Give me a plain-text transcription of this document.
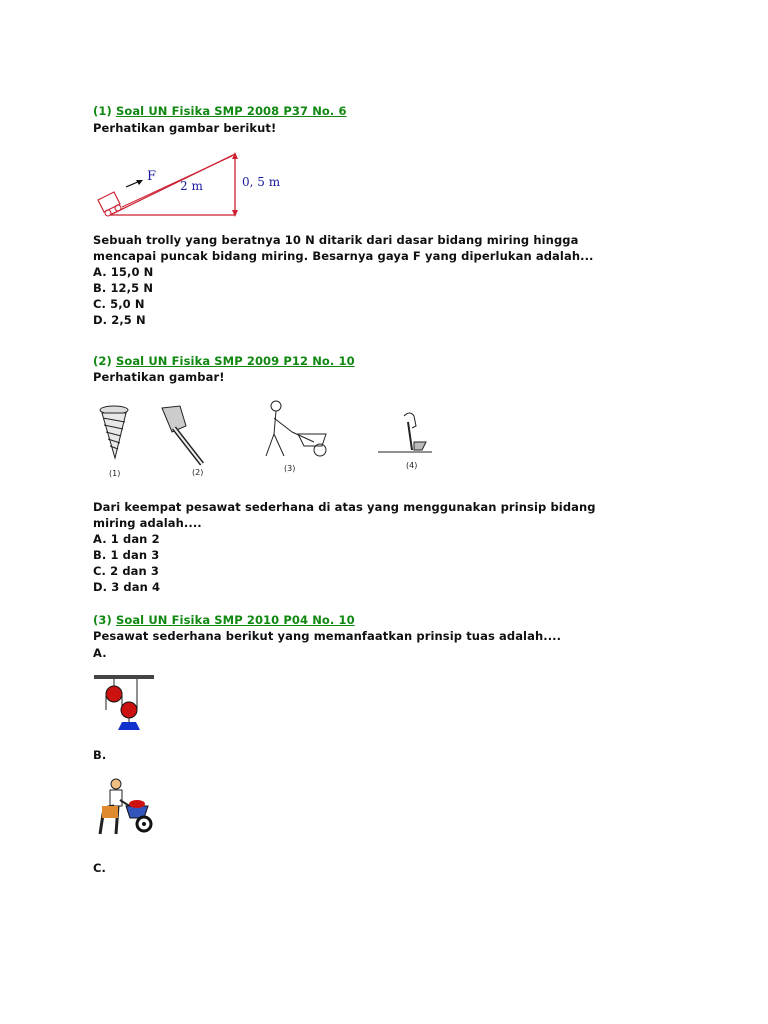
(1) Soal UN Fisika SMP 2008 P37 No. 6
Perhatikan gambar berikut!
F
2 m	0, 5 m
Sebuah trolly yang beratnya 10 N ditarik dari dasar bidang miring hingga
mencapai puncak bidang miring. Besarnya gaya F yang diperlukan adalah...
A. 15,0 N
B. 12,5 N
C. 5,0 N
D. 2,5 N
(2) Soal UN Fisika SMP 2009 P12 No. 10
Perhatikan gambar!
(1)	(2)	(3)	(4)
Dari keempat pesawat sederhana di atas yang menggunakan prinsip bidang
miring adalah....
A. 1 dan 2
B. 1 dan 3
C. 2 dan 3
D. 3 dan 4
(3) Soal UN Fisika SMP 2010 P04 No. 10
Pesawat sederhana berikut yang memanfaatkan prinsip tuas adalah....
A.
B.
C.
